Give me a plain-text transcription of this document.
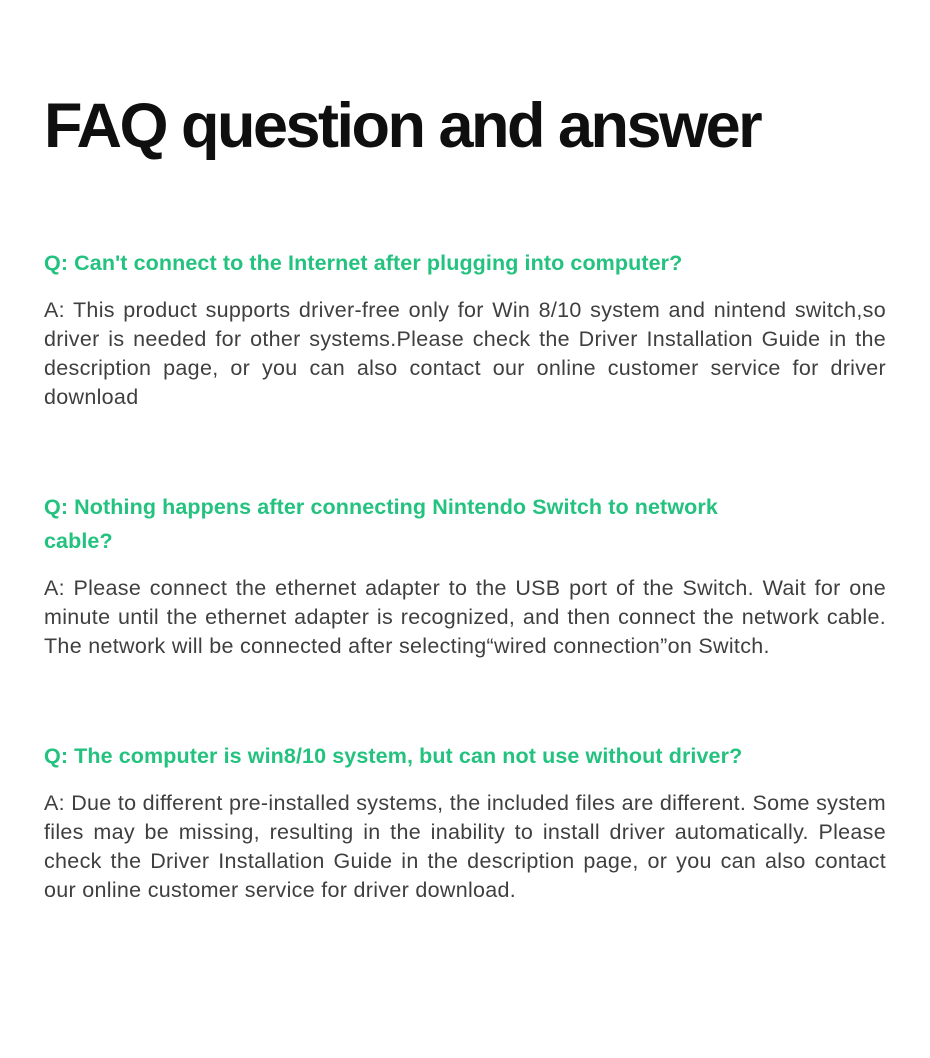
FAQ question and answer
Q: Can't connect to the Internet after plugging into computer?

A: This product supports driver-free only for Win 8/10 system and nintend switch,so driver is needed for other systems.Please check the Driver Installation Guide in the description page, or you can also contact our online customer service for driver download

Q: Nothing happens after connecting Nintendo Switch to network cable?

A: Please connect the ethernet adapter to the USB port of the Switch. Wait for one minute until the ethernet adapter is recognized, and then connect the network cable. The network will be connected after selecting“wired connection”on Switch.

Q: The computer is win8/10 system, but can not use without driver?

A: Due to different pre-installed systems, the included files are different. Some system files may be missing, resulting in the inability to install driver automatically. Please check the Driver Installation Guide in the description page, or you can also contact our online customer service for driver download.
